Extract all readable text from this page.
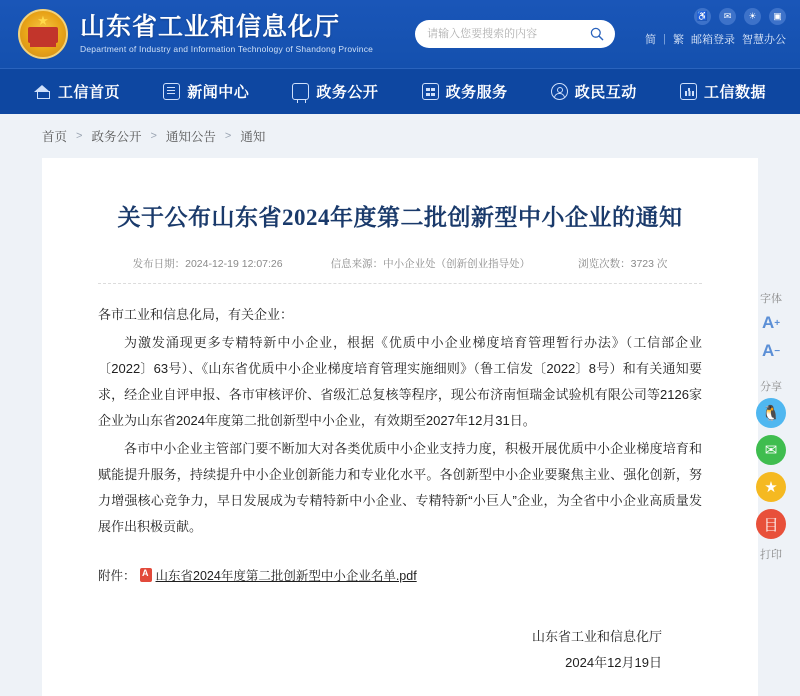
★
山东省工业和信息化厅
Department of Industry and Information Technology of Shandong Province
请输入您要搜索的内容
♿	✉	☀	▣
简 | 繁 邮箱登录 智慧办公
工信首页	新闻中心	政务公开	政务服务	政民互动	工信数据
首页 > 政务公开 > 通知公告 > 通知
关于公布山东省2024年度第二批创新型中小企业的通知
发布日期：2024-12-19 12:07:26	信息来源：中小企业处（创新创业指导处）	浏览次数：3723 次

各市工业和信息化局，有关企业：

为激发涌现更多专精特新中小企业，根据《优质中小企业梯度培育管理暂行办法》（工信部企业〔2022〕63号）、《山东省优质中小企业梯度培育管理实施细则》（鲁工信发〔2022〕8号）和有关通知要求，经企业自评申报、各市审核评价、省级汇总复核等程序，现公布济南恒瑞金试验机有限公司等2126家企业为山东省2024年度第二批创新型中小企业，有效期至2027年12月31日。

各市中小企业主管部门要不断加大对各类优质中小企业支持力度，积极开展优质中小企业梯度培育和赋能提升服务，持续提升中小企业创新能力和专业化水平。各创新型中小企业要聚焦主业、强化创新，努力增强核心竞争力，早日发展成为专精特新中小企业、专精特新“小巨人”企业，为全省中小企业高质量发展作出积极贡献。

附件： A 山东省2024年度第二批创新型中小企业名单.pdf
山东省工业和信息化厅
2024年12月19日
字体
A +
A −
分享
🐧
✉
★
目
打印
